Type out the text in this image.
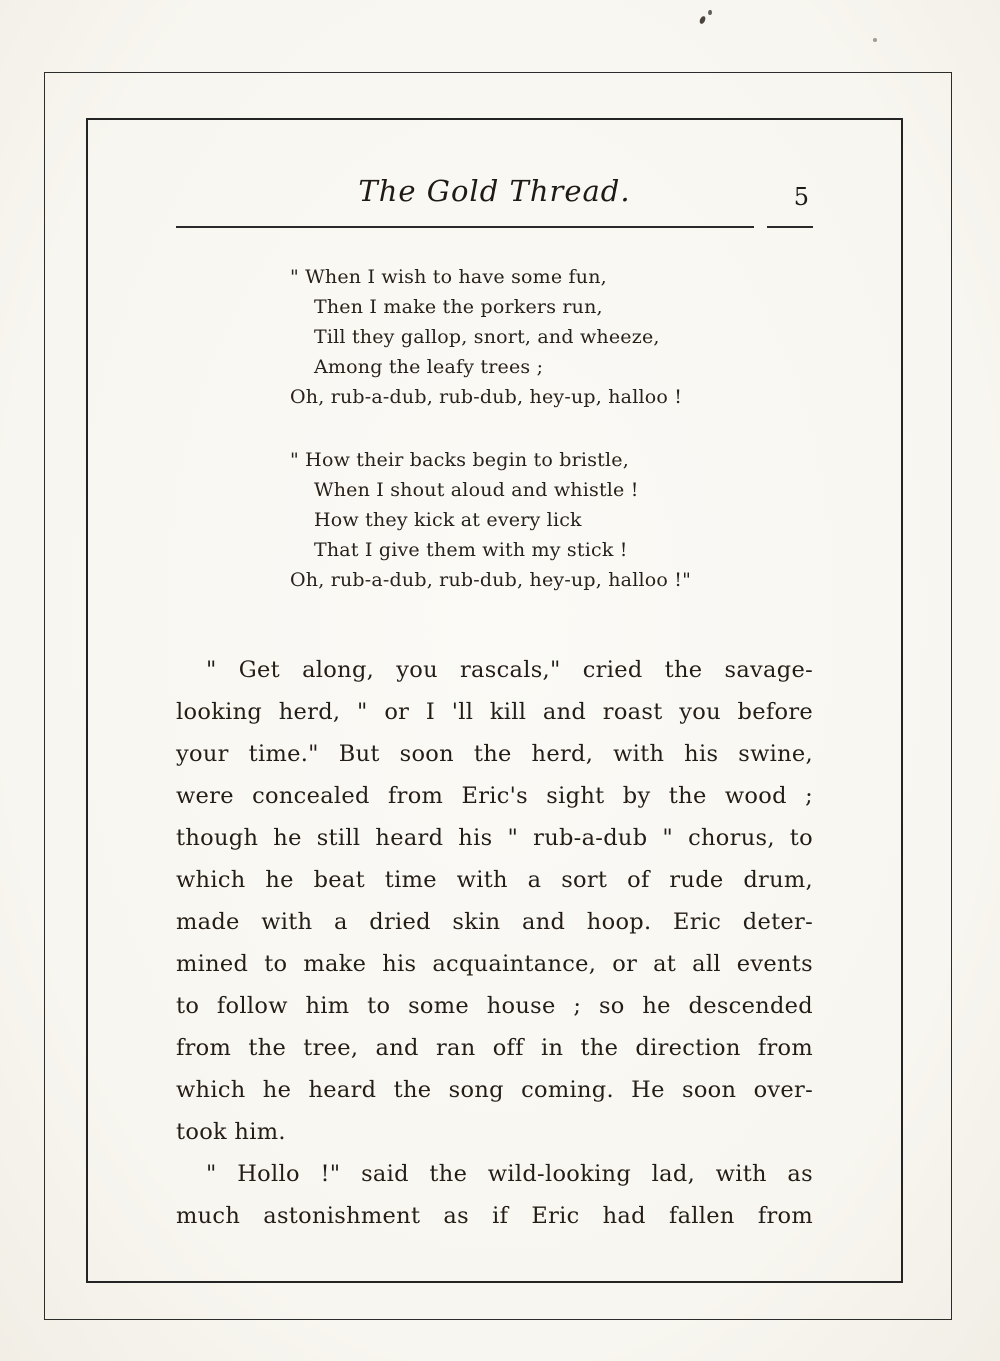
The Gold Thread.	5
" When I wish to have some fun,
Then I make the porkers run,
Till they gallop, snort, and wheeze,
Among the leafy trees ;
Oh, rub-a-dub, rub-dub, hey-up, halloo !
" How their backs begin to bristle,
When I shout aloud and whistle !
How they kick at every lick
That I give them with my stick !
Oh, rub-a-dub, rub-dub, hey-up, halloo !"
" Get along, you rascals," cried the savage-
looking herd, " or I 'll kill and roast you before
your time." But soon the herd, with his swine,
were concealed from Eric's sight by the wood ;
though he still heard his " rub-a-dub " chorus, to
which he beat time with a sort of rude drum,
made with a dried skin and hoop. Eric deter-
mined to make his acquaintance, or at all events
to follow him to some house ; so he descended
from the tree, and ran off in the direction from
which he heard the song coming. He soon over-
took him.
" Hollo !" said the wild-looking lad, with as
much astonishment as if Eric had fallen from
